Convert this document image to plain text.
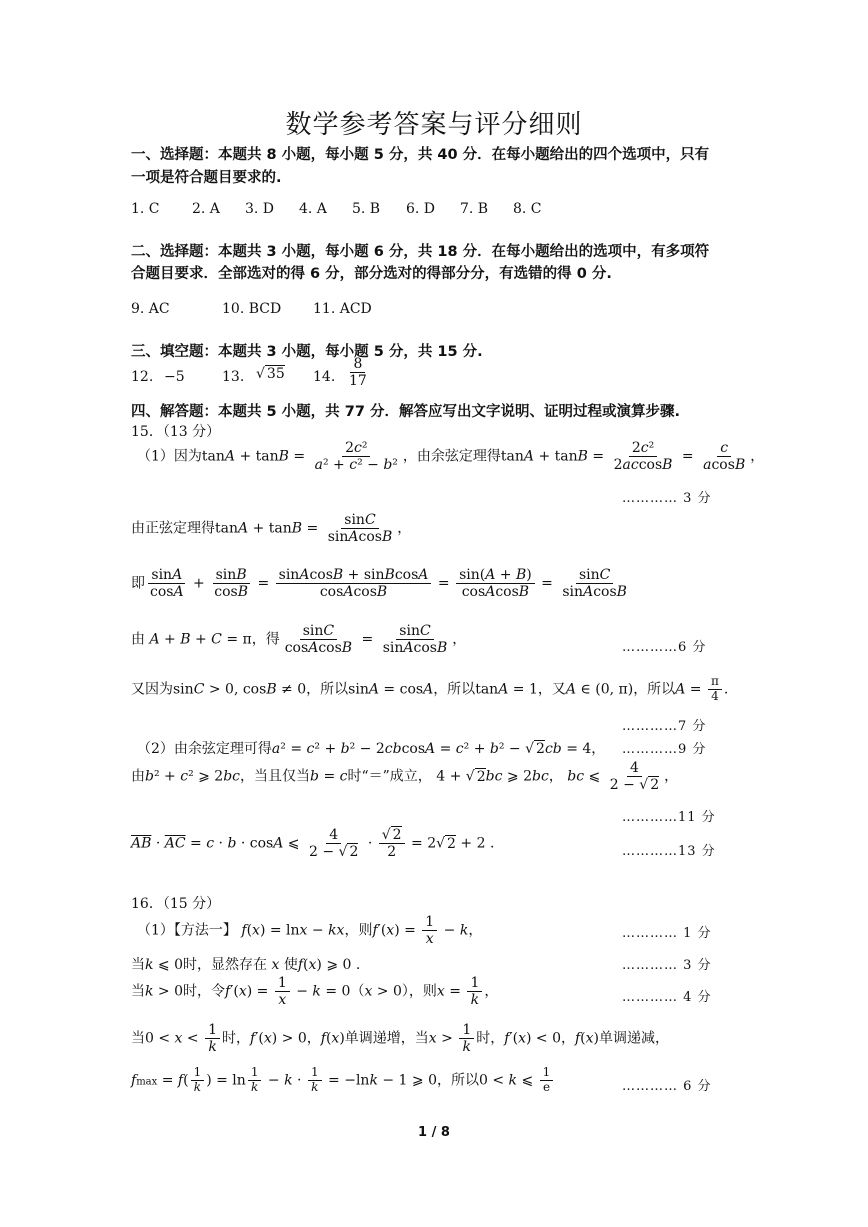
数学参考答案与评分细则
一、选择题：本题共 8 小题，每小题 5 分，共 40 分．在每小题给出的四个选项中，只有
一项是符合题目要求的.
1. C 2. A 3. D 4. A 5. B 6. D 7. B 8. C
二、选择题：本题共 3 小题，每小题 6 分，共 18 分．在每小题给出的选项中，有多项符
合题目要求．全部选对的得 6 分，部分选对的得部分分，有选错的得 0 分.
9. AC	10. BCD 11. ACD
三、填空题：本题共 3 小题，每小题 5 分，共 15 分.
12. −5	13. √ 35 14. $\frac{8}{17}$
四、解答题：本题共 5 小题，共 77 分．解答应写出文字说明、证明过程或演算步骤.
15．（13 分）
（1）因为$\tan A + \tan B = \frac{\text{2c²}}{\text{a² + c² − b²}}$ ，由余弦定理得$\tan A + \tan B = \frac{\text{2c²}}{2accosB} = \frac{c}{acosB}$ ，
………… 3 分
由正弦定理得$\tan A + \tan B = \frac{\sin C}{\text{sinAcosB}}$ ，
即 $\frac{\sin A}{\cos A} + \frac{\sin B}{\cos B} = \frac{\text{sinAcosB + sinBcosA}}{\text{cosAcosB}} = \frac{\sin(A + B)}{\text{cosAcosB}} = \frac{\sin C}{\text{sinAcosB}}$
由 A + B + C = π，得 $\frac{\sin C}{\text{cosAcosB}} = \frac{\sin C}{\text{sinAcosB}}$ ，	…………6 分
又因为sinC > 0, cosB ≠ 0，所以sinA = cosA，所以tanA = 1，又A ∈ (0, π)，所以$A = \frac{\pi}{4}$ .
…………7 分
（2）由余弦定理可得a² = c² + b² − 2cbcosA = c² + b² − √ 2cb = 4， …………9 分
由b² + c² ⩾ 2bc，当且仅当b = c时“＝”成立， 4 + √ 2bc ⩾ 2bc， bc ⩽ $\frac{4}{2 - √ 2}$ ，
…………11 分
$\overline{AB} \cdot \overline{AC} = c \cdot b \cdot \cos A$ ⩽ $\frac{4}{2 - √ 2} \cdot \frac{√ 2}{2} = 2√$ 2 + 2 .	…………13 分
16．（15 分）
（1）【方法一】 f(x) = lnx − kx，则$f'(x) = \frac{1}{x} - k$，	………… 1 分
当k ⩽ 0时，显然存在 x 使f(x) ⩾ 0 .	………… 3 分
当k > 0时，令$f'(x) = \frac{1}{x} - k = 0(x > 0)$，则$x = \frac{1}{k}$ ，	………… 4 分
当$0 < x < \frac{1}{k}$ 时，f′(x) > 0，f(x)单调递增，当$x > \frac{1}{k}$ 时，f′(x) < 0，f(x)单调递减，
$fmax = f( \frac{1}{k}$ ) = $\ln \frac{1}{k} - k \cdot \frac{1}{k} = -\ln k - 1$ ⩾ 0，所以0 < k ⩽ $\frac{1}{e}$	………… 6 分
1 / 8
